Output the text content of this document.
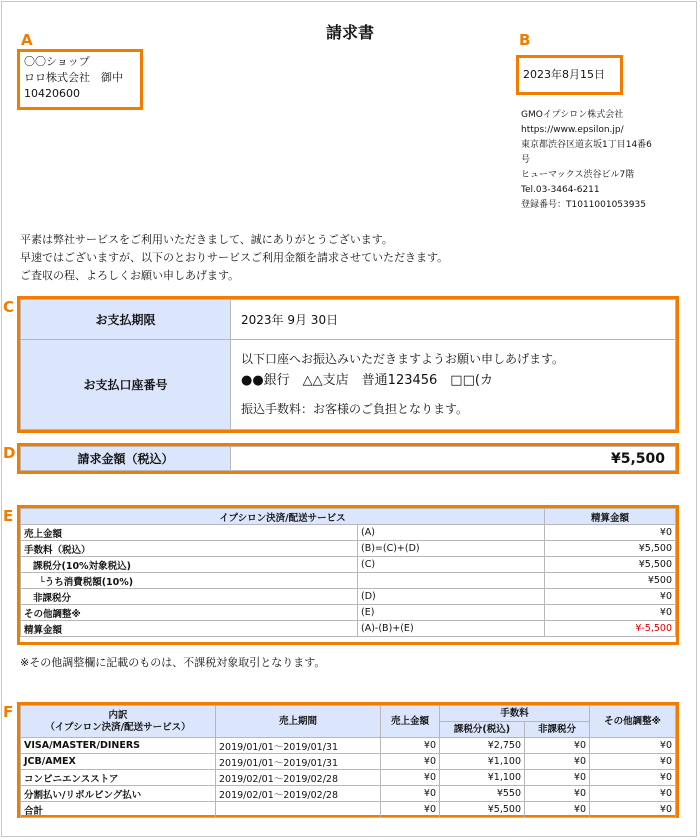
請求書
A
〇〇ショップ
ロロ株式会社　御中
10420600
B
2023年8月15日
GMOイプシロン株式会社
https://www.epsilon.jp/
東京都渋谷区道玄坂1丁目14番6
号
ヒューマックス渋谷ビル7階
Tel.03-3464-6211
登録番号：T1011001053935
平素は弊社サービスをご利用いただきまして、誠にありがとうございます。
早速ではございますが、以下のとおりサービスご利用金額を請求させていただきます。
ご査収の程、よろしくお願い申しあげます。
C
お支払期限	2023年 9月 30日
お支払口座番号	以下口座へお振込みいただきますようお願い申しあげます。
●●銀行　△△支店　普通123456　□□(カ
振込手数料：お客様のご負担となります。
D	請求金額（税込）	¥5,500
E	イプシロン決済/配送サービス		精算金額
売上金額	(A)	¥0
手数料（税込）	(B)=(C)+(D)	¥5,500
課税分(10%対象税込)	(C)	¥5,500
└うち消費税額(10%)		¥500
非課税分	(D)	¥0
その他調整※	(E)	¥0
精算金額	(A)-(B)+(E)	¥-5,500
※その他調整欄に記載のものは、不課税対象取引となります。
F	内訳
（イプシロン決済/配送サービス）	売上期間	売上金額	手数料		その他調整※
			課税分(税込)	非課税分	
VISA/MASTER/DINERS	2019/01/01～2019/01/31	¥0	¥2,750	¥0	¥0
JCB/AMEX	2019/01/01～2019/01/31	¥0	¥1,100	¥0	¥0
コンビニエンスストア	2019/02/01～2019/02/28	¥0	¥1,100	¥0	¥0
分割払い/リボルビング払い	2019/02/01～2019/02/28	¥0	¥550	¥0	¥0
合計		¥0	¥5,500	¥0	¥0
